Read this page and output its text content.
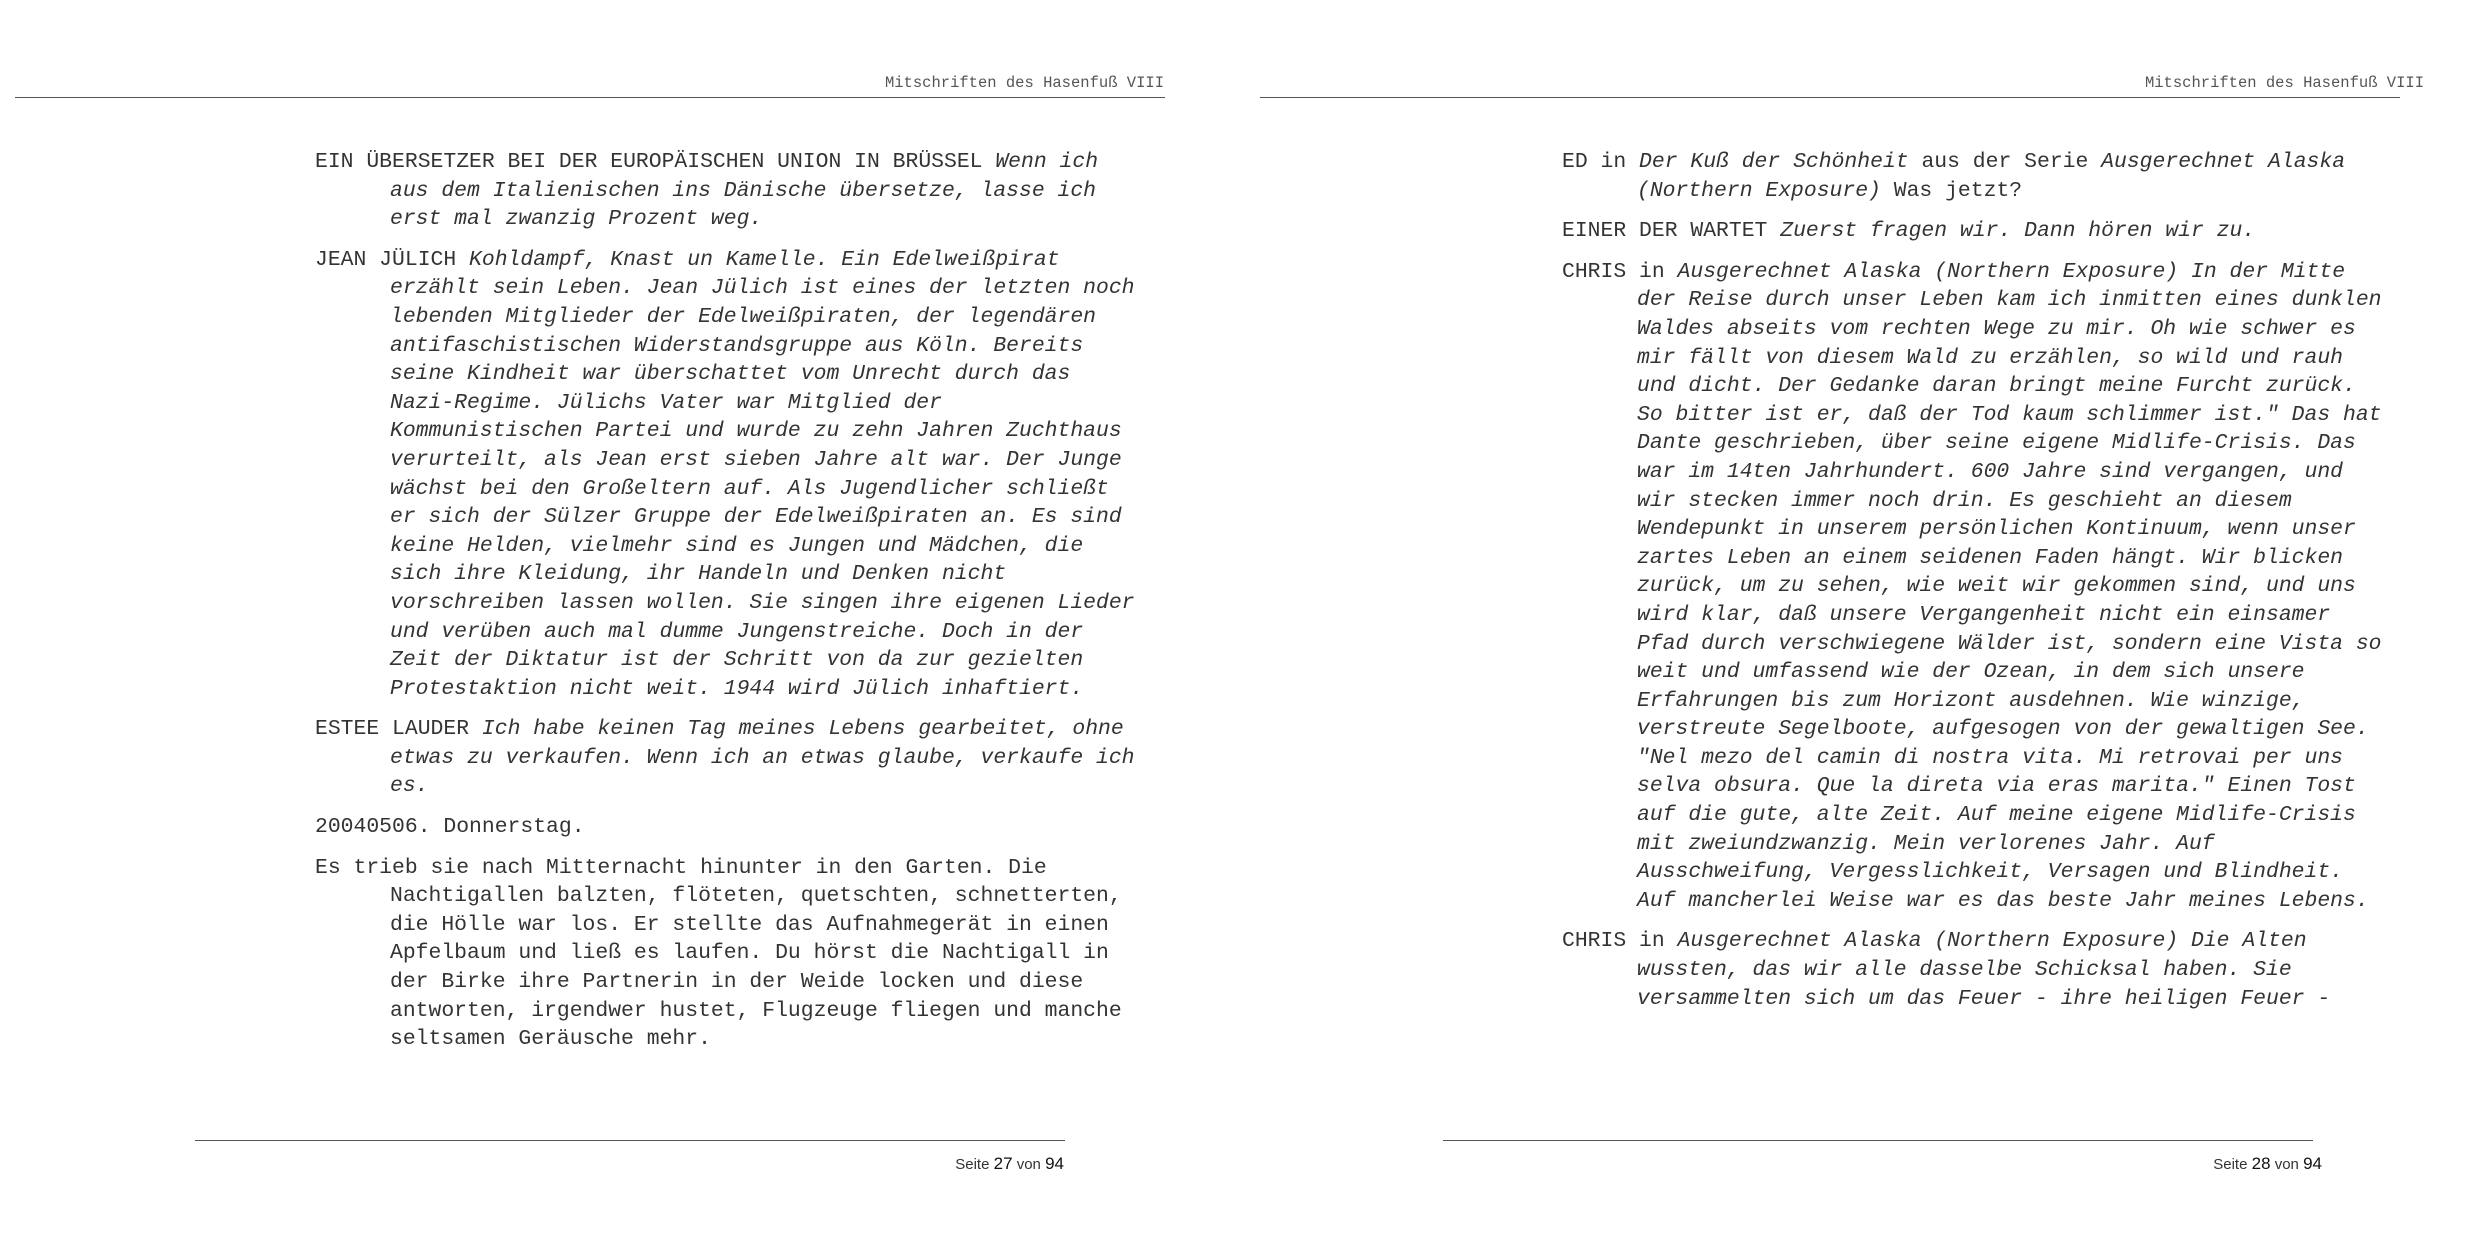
Mitschriften des Hasenfuß VIII

EIN ÜBERSETZER BEI DER EUROPÄISCHEN UNION IN BRÜSSEL Wenn ich aus dem Italienischen ins Dänische übersetze, lasse ich erst mal zwanzig Prozent weg.

JEAN JÜLICH Kohldampf, Knast un Kamelle. Ein Edelweißpirat erzählt sein Leben. Jean Jülich ist eines der letzten noch lebenden Mitglieder der Edelweißpiraten, der legendären antifaschistischen Widerstandsgruppe aus Köln. Bereits seine Kindheit war überschattet vom Unrecht durch das Nazi-Regime. Jülichs Vater war Mitglied der Kommunistischen Partei und wurde zu zehn Jahren Zuchthaus verurteilt, als Jean erst sieben Jahre alt war. Der Junge wächst bei den Großeltern auf. Als Jugendlicher schließt er sich der Sülzer Gruppe der Edelweißpiraten an. Es sind keine Helden, vielmehr sind es Jungen und Mädchen, die sich ihre Kleidung, ihr Handeln und Denken nicht vorschreiben lassen wollen. Sie singen ihre eigenen Lieder und verüben auch mal dumme Jungenstreiche. Doch in der Zeit der Diktatur ist der Schritt von da zur gezielten Protestaktion nicht weit. 1944 wird Jülich inhaftiert.

ESTEE LAUDER Ich habe keinen Tag meines Lebens gearbeitet, ohne etwas zu verkaufen. Wenn ich an etwas glaube, verkaufe ich es.

20040506. Donnerstag.

Es trieb sie nach Mitternacht hinunter in den Garten. Die Nachtigallen balzten, flöteten, quetschten, schnetterten, die Hölle war los. Er stellte das Aufnahmegerät in einen Apfelbaum und ließ es laufen. Du hörst die Nachtigall in der Birke ihre Partnerin in der Weide locken und diese antworten, irgendwer hustet, Flugzeuge fliegen und manche seltsamen Geräusche mehr.

Seite 27 von 94
Mitschriften des Hasenfuß VIII

ED in Der Kuß der Schönheit aus der Serie Ausgerechnet Alaska (Northern Exposure) Was jetzt?

EINER DER WARTET Zuerst fragen wir. Dann hören wir zu.

CHRIS in Ausgerechnet Alaska (Northern Exposure) In der Mitte der Reise durch unser Leben kam ich inmitten eines dunklen Waldes abseits vom rechten Wege zu mir. Oh wie schwer es mir fällt von diesem Wald zu erzählen, so wild und rauh und dicht. Der Gedanke daran bringt meine Furcht zurück. So bitter ist er, daß der Tod kaum schlimmer ist." Das hat Dante geschrieben, über seine eigene Midlife-Crisis. Das war im 14ten Jahrhundert. 600 Jahre sind vergangen, und wir stecken immer noch drin. Es geschieht an diesem Wendepunkt in unserem persönlichen Kontinuum, wenn unser zartes Leben an einem seidenen Faden hängt. Wir blicken zurück, um zu sehen, wie weit wir gekommen sind, und uns wird klar, daß unsere Vergangenheit nicht ein einsamer Pfad durch verschwiegene Wälder ist, sondern eine Vista so weit und umfassend wie der Ozean, in dem sich unsere Erfahrungen bis zum Horizont ausdehnen. Wie winzige, verstreute Segelboote, aufgesogen von der gewaltigen See. "Nel mezo del camin di nostra vita. Mi retrovai per uns selva obsura. Que la direta via eras marita." Einen Tost auf die gute, alte Zeit. Auf meine eigene Midlife-Crisis mit zweiundzwanzig. Mein verlorenes Jahr. Auf Ausschweifung, Vergesslichkeit, Versagen und Blindheit. Auf mancherlei Weise war es das beste Jahr meines Lebens.

CHRIS in Ausgerechnet Alaska (Northern Exposure) Die Alten wussten, das wir alle dasselbe Schicksal haben. Sie versammelten sich um das Feuer - ihre heiligen Feuer -

Seite 28 von 94
